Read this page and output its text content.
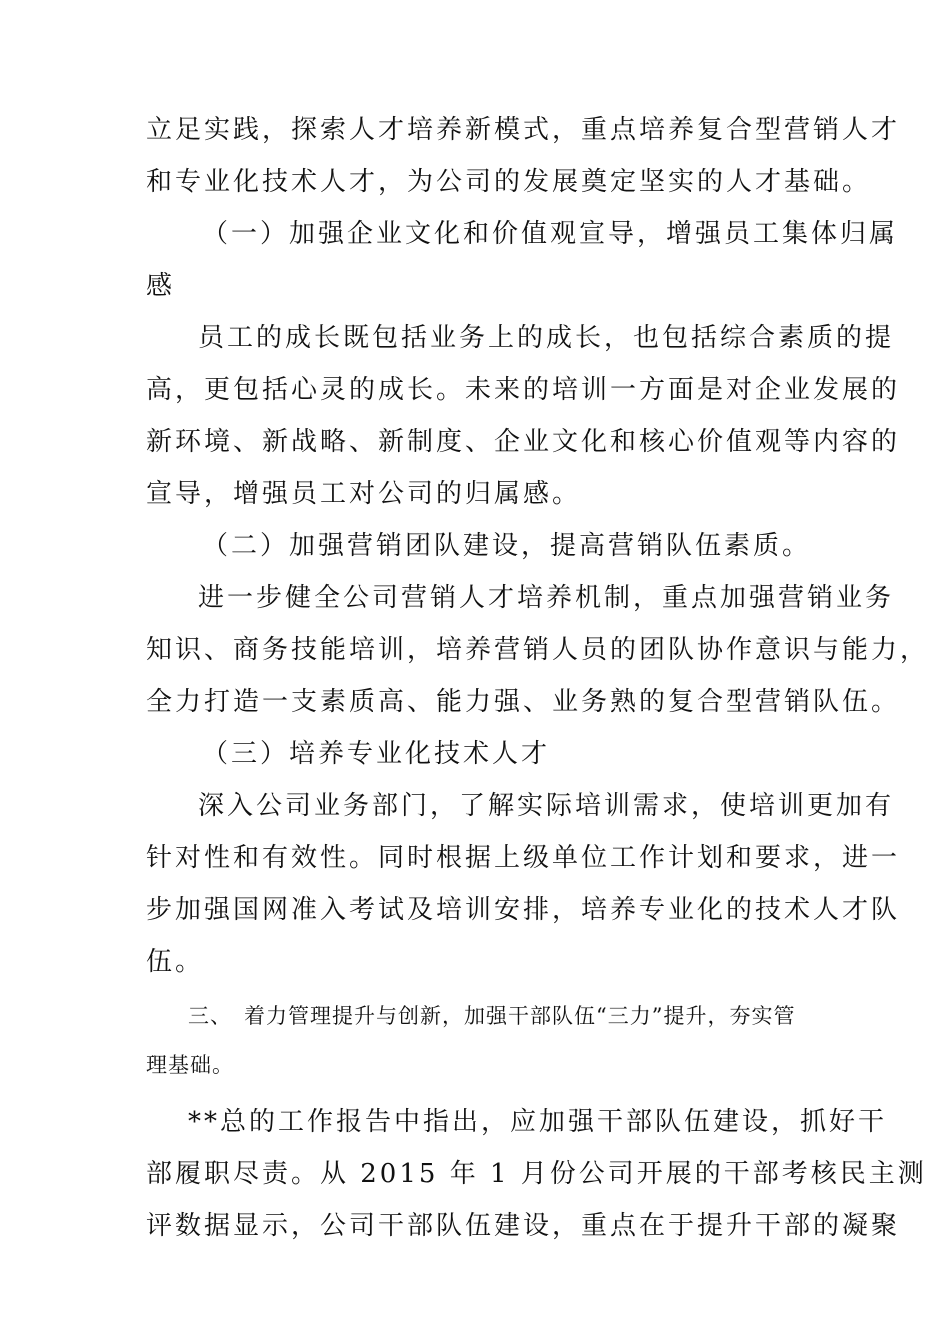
立足实践，探索人才培养新模式，重点培养复合型营销人才
和专业化技术人才，为公司的发展奠定坚实的人才基础。
（一）加强企业文化和价值观宣导，增强员工集体归属
感
员工的成长既包括业务上的成长，也包括综合素质的提
高，更包括心灵的成长。未来的培训一方面是对企业发展的
新环境、新战略、新制度、企业文化和核心价值观等内容的
宣导，增强员工对公司的归属感。
（二）加强营销团队建设，提高营销队伍素质。
进一步健全公司营销人才培养机制，重点加强营销业务
知识、商务技能培训，培养营销人员的团队协作意识与能力，
全力打造一支素质高、能力强、业务熟的复合型营销队伍。
（三）培养专业化技术人才
深入公司业务部门，了解实际培训需求，使培训更加有
针对性和有效性。同时根据上级单位工作计划和要求，进一
步加强国网准入考试及培训安排，培养专业化的技术人才队
伍。
三、 着力管理提升与创新，加强干部队伍“三力”提升，夯实管
理基础。
**总的工作报告中指出，应加强干部队伍建设，抓好干
部履职尽责。从 2015 年 1 月份公司开展的干部考核民主测
评数据显示，公司干部队伍建设，重点在于提升干部的凝聚
